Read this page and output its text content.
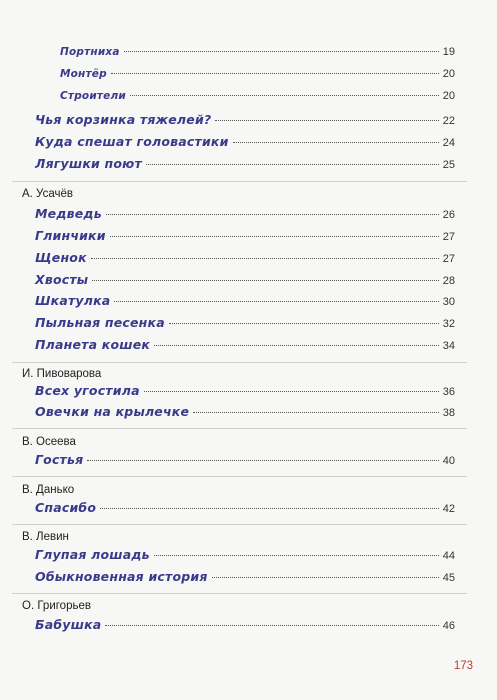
Портниха	19
Монтёр	20
Строители	20
Чья корзинка тяжелей?	22
Куда спешат головастики	24
Лягушки поют	25
А. Усачёв
Медведь	26
Глинчики	27
Щенок	27
Хвосты	28
Шкатулка	30
Пыльная песенка	32
Планета кошек	34
И. Пивоварова
Всех угостила	36
Овечки на крылечке	38
В. Осеева
Гостья	40
В. Данько
Спасибо	42
В. Левин
Глупая лошадь	44
Обыкновенная история	45
О. Григорьев
Бабушка	46
173
